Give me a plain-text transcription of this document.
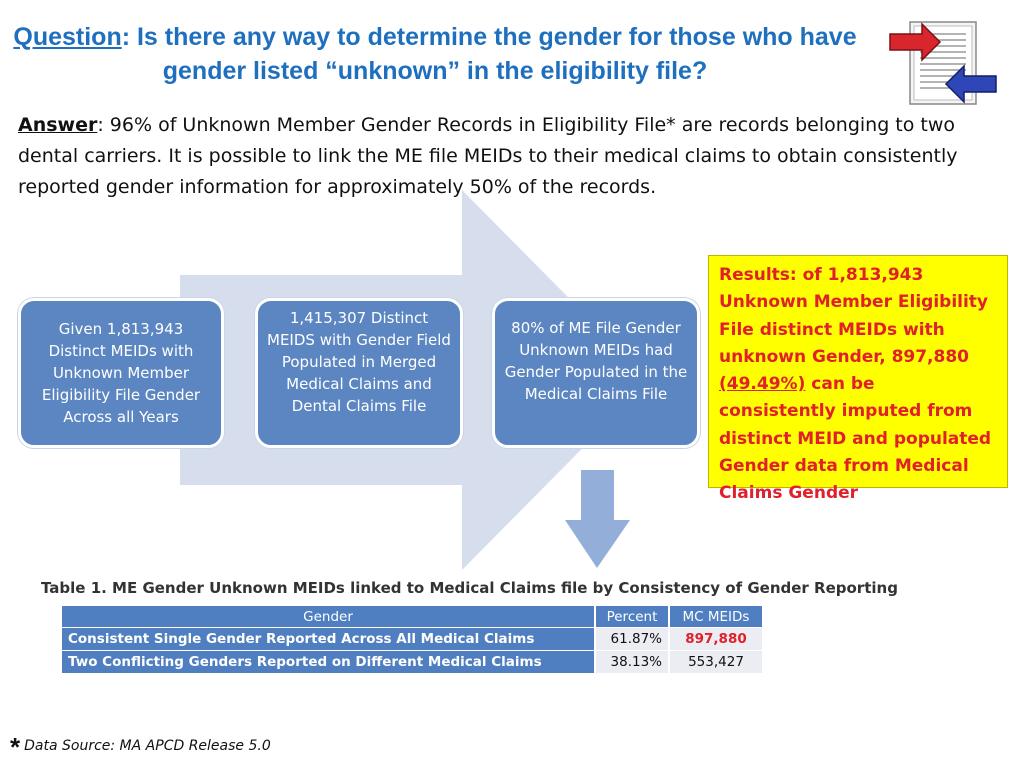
Question: Is there any way to determine the gender for those who have gender listed “unknown” in the eligibility file?
Answer: 96% of Unknown Member Gender Records in Eligibility File* are records belonging to two dental carriers. It is possible to link the ME file MEIDs to their medical claims to obtain consistently reported gender information for approximately 50% of the records.
Given 1,813,943 Distinct MEIDs with Unknown Member Eligibility File Gender Across all Years
1,415,307 Distinct MEIDS with Gender Field Populated in Merged Medical Claims and Dental Claims File
80% of ME File Gender Unknown MEIDs had Gender Populated in the Medical Claims File
Results: of 1,813,943 Unknown Member Eligibility File distinct MEIDs with unknown Gender, 897,880 (49.49%) can be consistently imputed from distinct MEID and populated Gender data from Medical Claims Gender
Table 1. ME Gender Unknown MEIDs linked to Medical Claims file by Consistency of Gender Reporting
Gender	Percent	MC MEIDs
Consistent Single Gender Reported Across All Medical Claims	61.87%	897,880
Two Conflicting Genders Reported on Different Medical Claims	38.13%	553,427
* Data Source: MA APCD Release 5.0
